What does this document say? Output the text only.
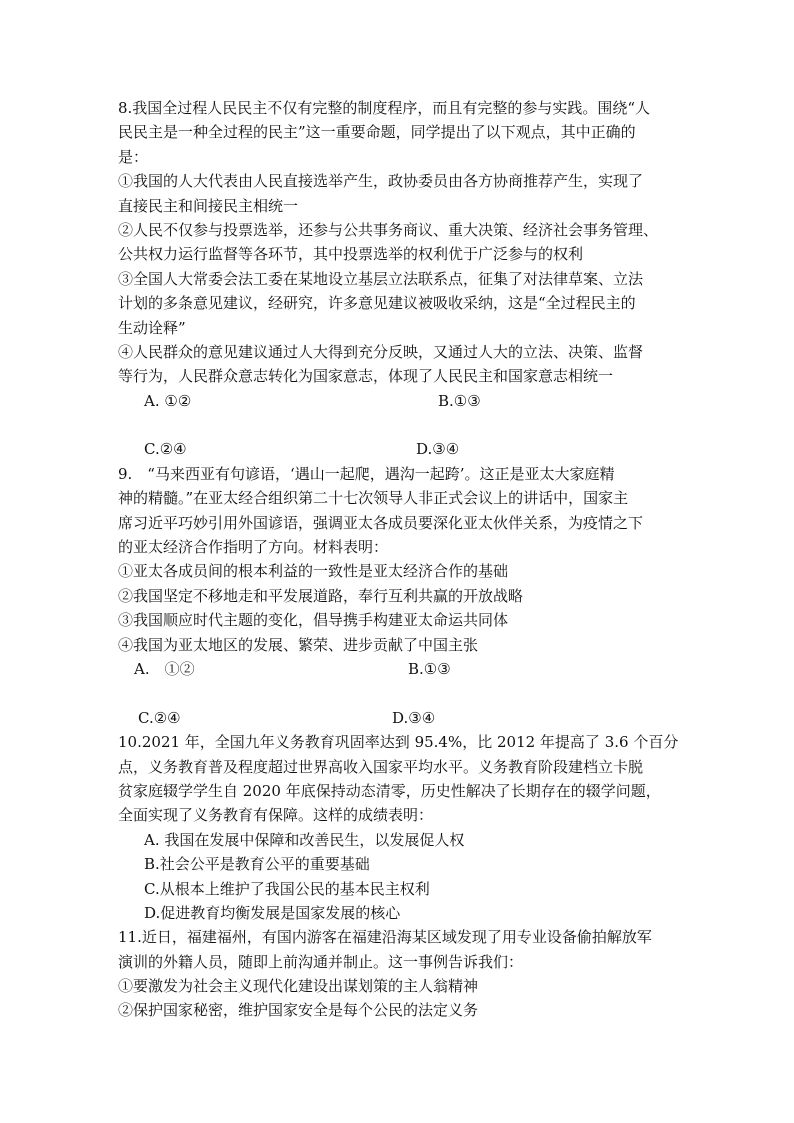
8.我国全过程人民民主不仅有完整的制度程序，而且有完整的参与实践。围绕“人
民民主是一种全过程的民主”这一重要命题，同学提出了以下观点，其中正确的
是：
①我国的人大代表由人民直接选举产生，政协委员由各方协商推荐产生，实现了
直接民主和间接民主相统一
②人民不仅参与投票选举，还参与公共事务商议、重大决策、经济社会事务管理、
公共权力运行监督等各环节，其中投票选举的权利优于广泛参与的权利
③全国人大常委会法工委在某地设立基层立法联系点，征集了对法律草案、立法
计划的多条意见建议，经研究，许多意见建议被吸收采纳，这是“全过程民主的
生动诠释”
④人民群众的意见建议通过人大得到充分反映，又通过人大的立法、决策、监督
等行为，人民群众意志转化为国家意志，体现了人民民主和国家意志相统一
A. ①②	B.①③
C.②④	D.③④
9.　“马来西亚有句谚语，‘遇山一起爬，遇沟一起跨’。这正是亚太大家庭精
神的精髓。”在亚太经合组织第二十七次领导人非正式会议上的讲话中，国家主
席习近平巧妙引用外国谚语，强调亚太各成员要深化亚太伙伴关系，为疫情之下
的亚太经济合作指明了方向。材料表明：
①亚太各成员间的根本利益的一致性是亚太经济合作的基础
②我国坚定不移地走和平发展道路，奉行互利共赢的开放战略
③我国顺应时代主题的变化，倡导携手构建亚太命运共同体
④我国为亚太地区的发展、繁荣、进步贡献了中国主张
A.　①②	B.①③
C.②④	D.③④
10.2021 年，全国九年义务教育巩固率达到 95.4%，比 2012 年提高了 3.6 个百分
点，义务教育普及程度超过世界高收入国家平均水平。义务教育阶段建档立卡脱
贫家庭辍学学生自 2020 年底保持动态清零，历史性解决了长期存在的辍学问题，
全面实现了义务教育有保障。这样的成绩表明：
A. 我国在发展中保障和改善民生，以发展促人权
B.社会公平是教育公平的重要基础
C.从根本上维护了我国公民的基本民主权利
D.促进教育均衡发展是国家发展的核心
11.近日，福建福州，有国内游客在福建沿海某区域发现了用专业设备偷拍解放军
演训的外籍人员，随即上前沟通并制止。这一事例告诉我们：
①要激发为社会主义现代化建设出谋划策的主人翁精神
②保护国家秘密，维护国家安全是每个公民的法定义务
